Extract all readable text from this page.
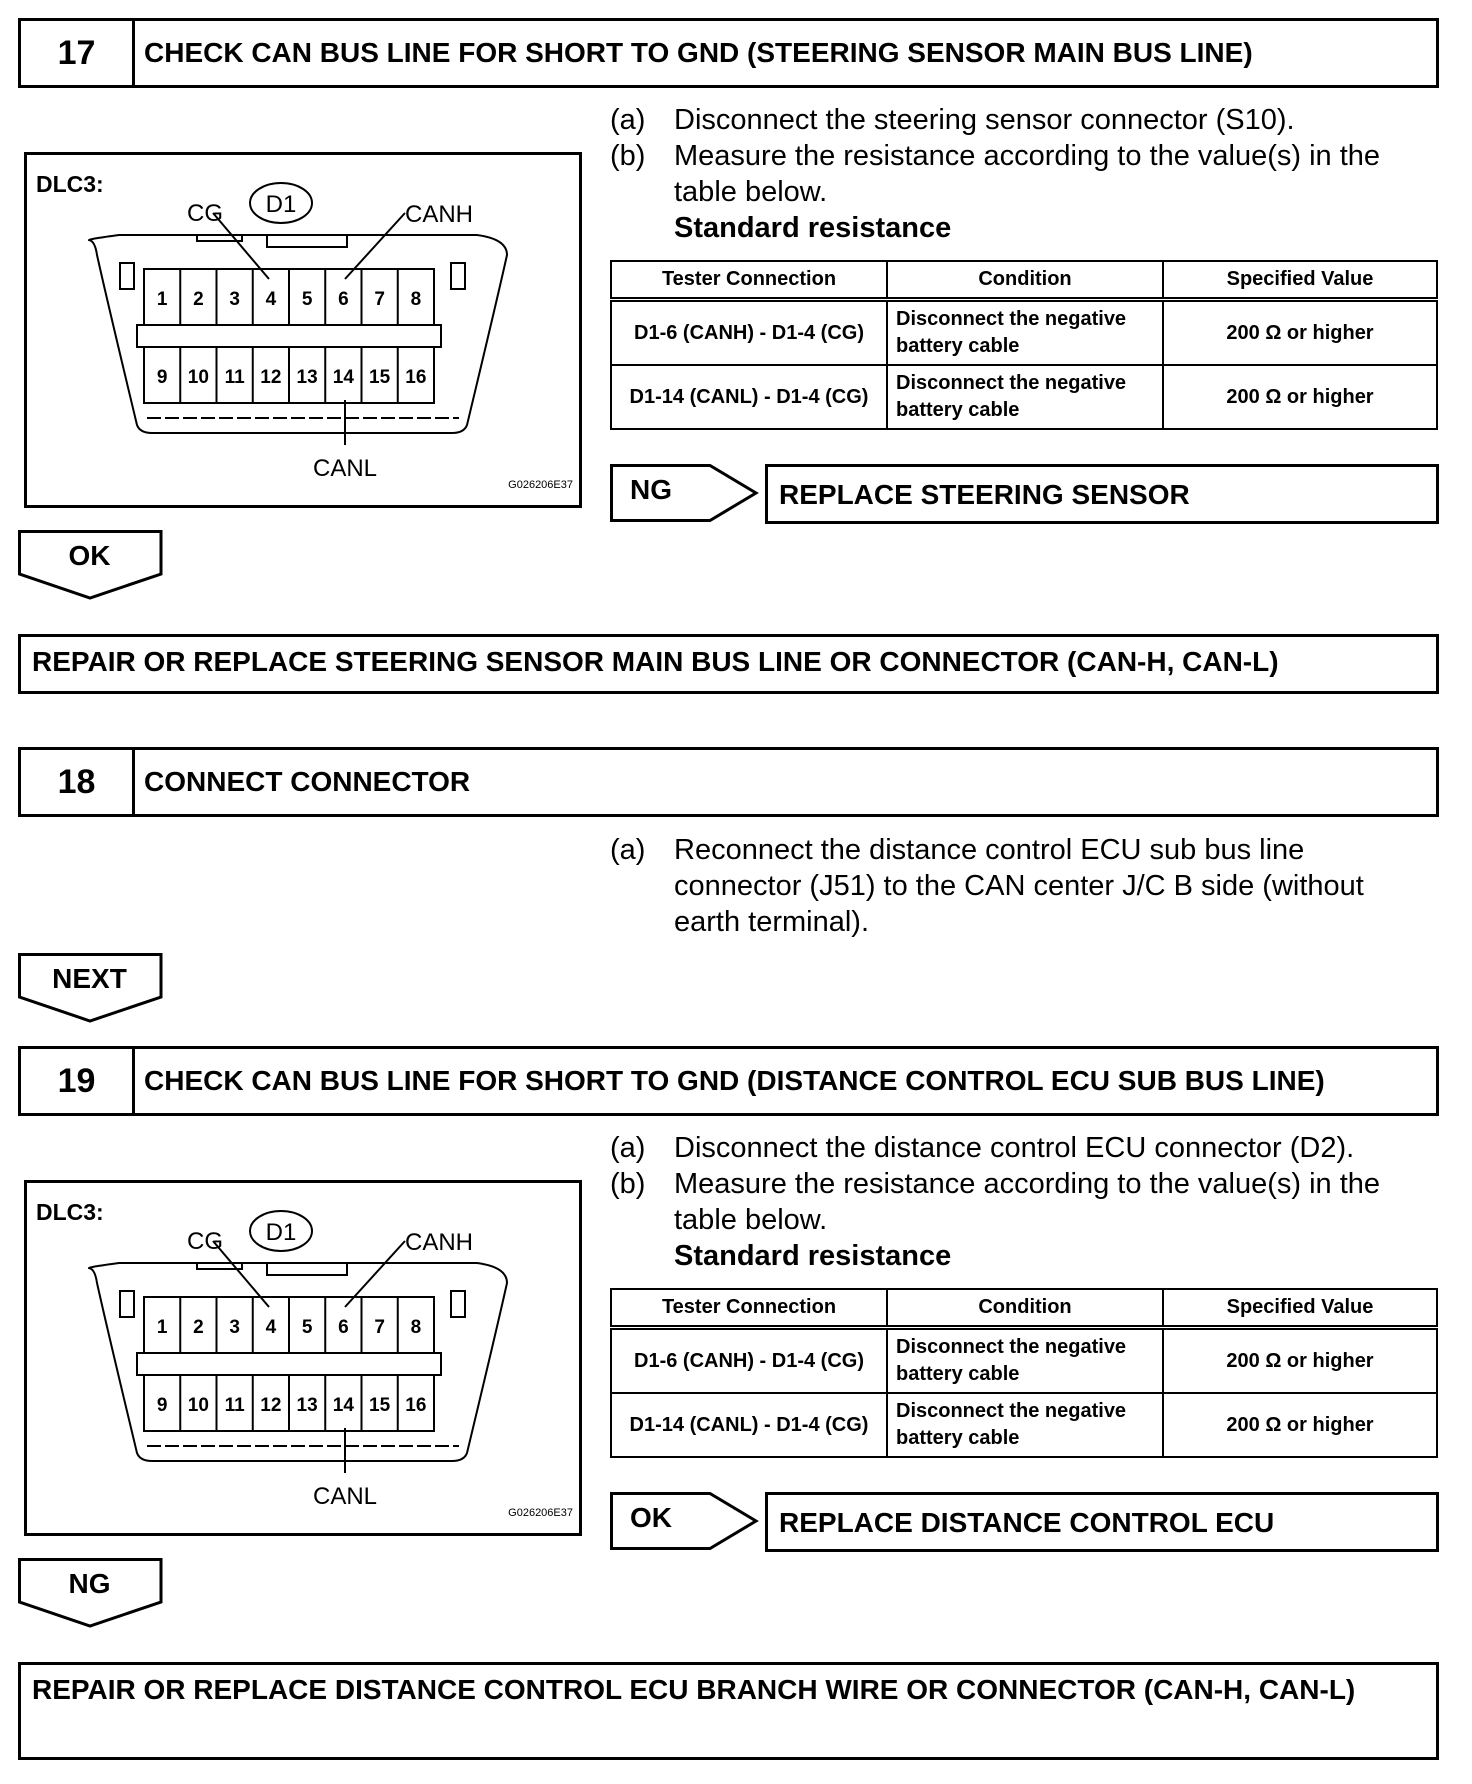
17	CHECK CAN BUS LINE FOR SHORT TO GND (STEERING SENSOR MAIN BUS LINE)
DLC3:
1 2 3 4 5 6 7 8
9 10 11 12 13 14 15 16
D1
CG	CANH
CANL
G026206E37
(a) Disconnect the steering sensor connector (S10).
(b) Measure the resistance according to the value(s) in the table below.
Standard resistance
Tester Connection	Condition	Specified Value
D1-6 (CANH) - D1-4 (CG)	Disconnect the negative battery cable	200 Ω or higher
D1-14 (CANL) - D1-4 (CG)	Disconnect the negative battery cable	200 Ω or higher
NG	REPLACE STEERING SENSOR
OK
REPAIR OR REPLACE STEERING SENSOR MAIN BUS LINE OR CONNECTOR (CAN-H, CAN-L)
18	CONNECT CONNECTOR
(a) Reconnect the distance control ECU sub bus line connector (J51) to the CAN center J/C B side (without earth terminal).
NEXT
19	CHECK CAN BUS LINE FOR SHORT TO GND (DISTANCE CONTROL ECU SUB BUS LINE)
DLC3:
1 2 3 4 5 6 7 8
9 10 11 12 13 14 15 16
D1
CG	CANH
CANL
G026206E37
(a) Disconnect the distance control ECU connector (D2).
(b) Measure the resistance according to the value(s) in the table below.
Standard resistance
Tester Connection	Condition	Specified Value
D1-6 (CANH) - D1-4 (CG)	Disconnect the negative battery cable	200 Ω or higher
D1-14 (CANL) - D1-4 (CG)	Disconnect the negative battery cable	200 Ω or higher
OK	REPLACE DISTANCE CONTROL ECU
NG
REPAIR OR REPLACE DISTANCE CONTROL ECU BRANCH WIRE OR CONNECTOR (CAN-H, CAN-L)
